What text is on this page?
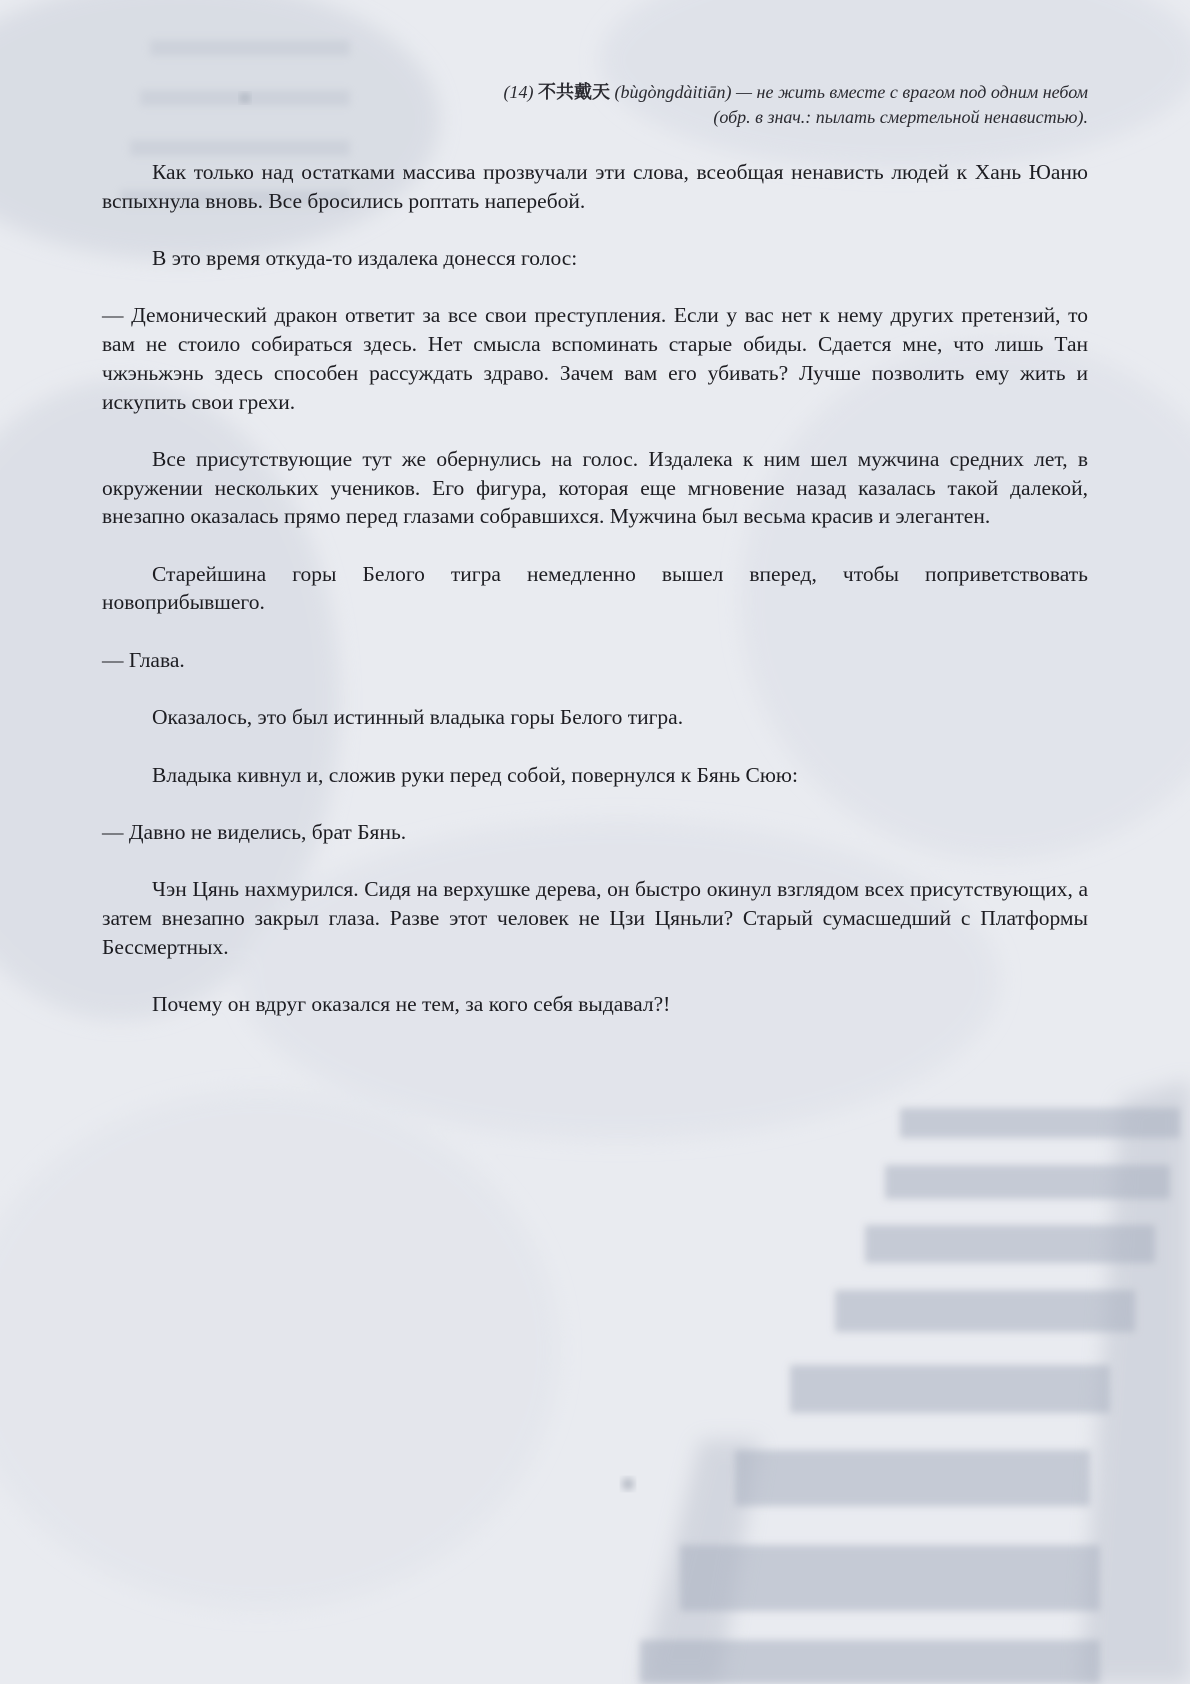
(14) 不共戴天 (bùgòngdàitiān) — не жить вместе с врагом под одним небом
(обр. в знач.: пылать смертельной ненавистью).

Как только над остатками массива прозвучали эти слова, всеобщая ненависть людей к Хань Юаню вспыхнула вновь. Все бросились роптать наперебой.

В это время откуда-то издалека донесся голос:

— Демонический дракон ответит за все свои преступления. Если у вас нет к нему других претензий, то вам не стоило собираться здесь. Нет смысла вспоминать старые обиды. Сдается мне, что лишь Тан чжэньжэнь здесь способен рассуждать здраво. Зачем вам его убивать? Лучше позволить ему жить и искупить свои грехи.

Все присутствующие тут же обернулись на голос. Издалека к ним шел мужчина средних лет, в окружении нескольких учеников. Его фигура, которая еще мгновение назад казалась такой далекой, внезапно оказалась прямо перед глазами собравшихся. Мужчина был весьма красив и элегантен.

Старейшина горы Белого тигра немедленно вышел вперед, чтобы поприветствовать новоприбывшего.

— Глава.

Оказалось, это был истинный владыка горы Белого тигра.

Владыка кивнул и, сложив руки перед собой, повернулся к Бянь Сюю:

— Давно не виделись, брат Бянь.

Чэн Цянь нахмурился. Сидя на верхушке дерева, он быстро окинул взглядом всех присутствующих, а затем внезапно закрыл глаза. Разве этот человек не Цзи Цяньли? Старый сумасшедший с Платформы Бессмертных.

Почему он вдруг оказался не тем, за кого себя выдавал?!
